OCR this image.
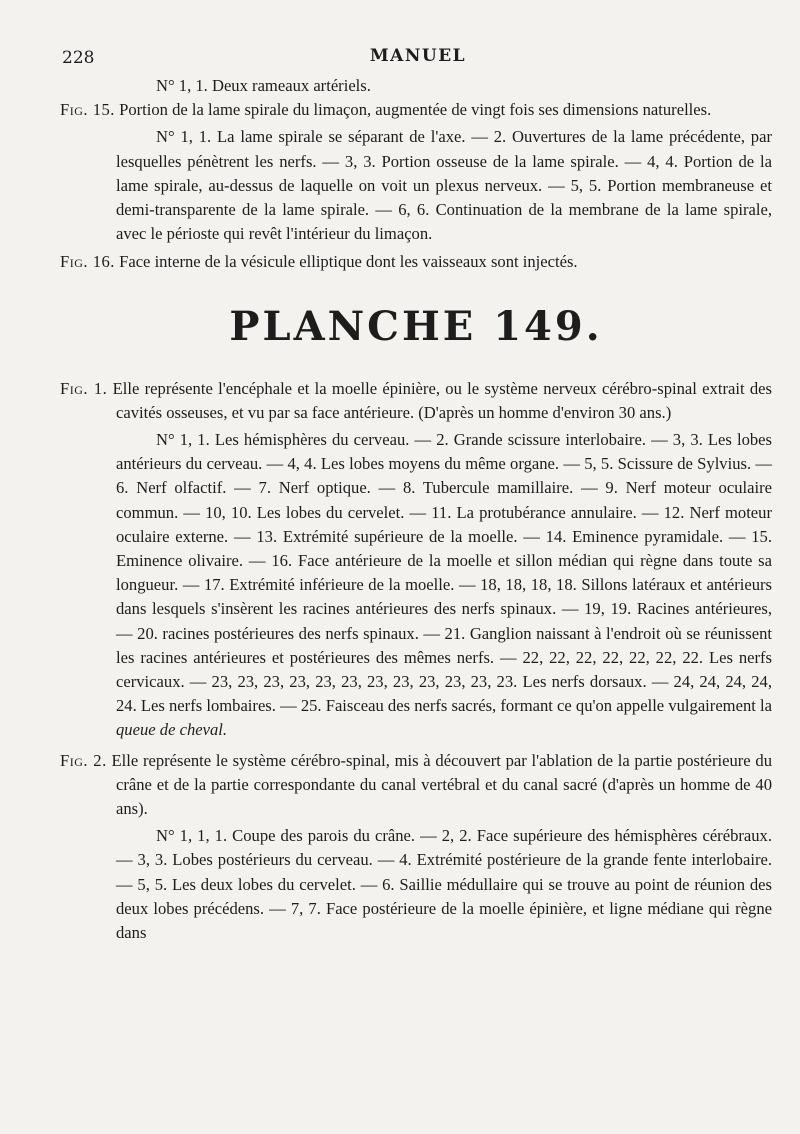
228	MANUEL

N° 1, 1. Deux rameaux artériels.

Fig. 15. Portion de la lame spirale du limaçon, augmentée de vingt fois ses dimensions naturelles.

N° 1, 1. La lame spirale se séparant de l'axe. — 2. Ouvertures de la lame précédente, par lesquelles pénètrent les nerfs. — 3, 3. Portion osseuse de la lame spirale. — 4, 4. Portion de la lame spirale, au-dessus de laquelle on voit un plexus nerveux. — 5, 5. Portion membraneuse et demi-transparente de la lame spirale. — 6, 6. Continuation de la membrane de la lame spirale, avec le périoste qui revêt l'intérieur du limaçon.

Fig. 16. Face interne de la vésicule elliptique dont les vaisseaux sont injectés.

PLANCHE 149.

Fig. 1. Elle représente l'encéphale et la moelle épinière, ou le système nerveux cérébro-spinal extrait des cavités osseuses, et vu par sa face antérieure. (D'après un homme d'environ 30 ans.)

N° 1, 1. Les hémisphères du cerveau. — 2. Grande scissure interlobaire. — 3, 3. Les lobes antérieurs du cerveau. — 4, 4. Les lobes moyens du même organe. — 5, 5. Scissure de Sylvius. — 6. Nerf olfactif. — 7. Nerf optique. — 8. Tubercule mamillaire. — 9. Nerf moteur oculaire commun. — 10, 10. Les lobes du cervelet. — 11. La protubérance annulaire. — 12. Nerf moteur oculaire externe. — 13. Extrémité supérieure de la moelle. — 14. Eminence pyramidale. — 15. Eminence olivaire. — 16. Face antérieure de la moelle et sillon médian qui règne dans toute sa longueur. — 17. Extrémité inférieure de la moelle. — 18, 18, 18, 18. Sillons latéraux et antérieurs dans lesquels s'insèrent les racines antérieures des nerfs spinaux. — 19, 19. Racines antérieures, — 20. racines postérieures des nerfs spinaux. — 21. Ganglion naissant à l'endroit où se réunissent les racines antérieures et postérieures des mêmes nerfs. — 22, 22, 22, 22, 22, 22, 22. Les nerfs cervicaux. — 23, 23, 23, 23, 23, 23, 23, 23, 23, 23, 23, 23. Les nerfs dorsaux. — 24, 24, 24, 24, 24. Les nerfs lombaires. — 25. Faisceau des nerfs sacrés, formant ce qu'on appelle vulgairement la queue de cheval.

Fig. 2. Elle représente le système cérébro-spinal, mis à découvert par l'ablation de la partie postérieure du crâne et de la partie correspondante du canal vertébral et du canal sacré (d'après un homme de 40 ans).

N° 1, 1, 1. Coupe des parois du crâne. — 2, 2. Face supérieure des hémisphères cérébraux. — 3, 3. Lobes postérieurs du cerveau. — 4. Extrémité postérieure de la grande fente interlobaire. — 5, 5. Les deux lobes du cervelet. — 6. Saillie médullaire qui se trouve au point de réunion des deux lobes précédens. — 7, 7. Face postérieure de la moelle épinière, et ligne médiane qui règne dans
